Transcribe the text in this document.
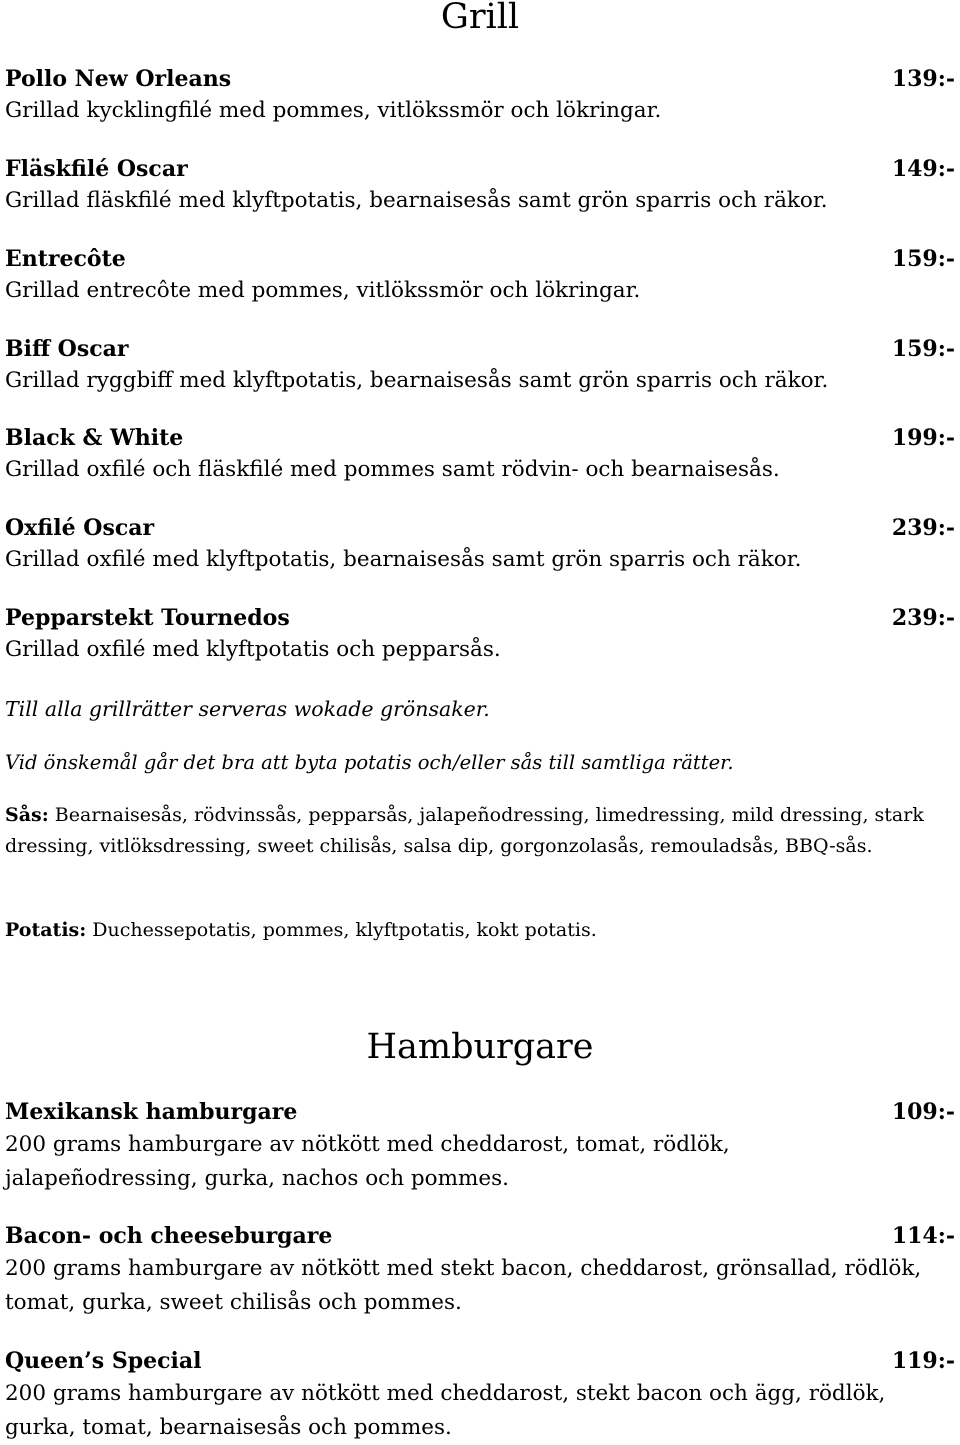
Grill
Pollo New Orleans	139:-
Grillad kycklingfilé med pommes, vitlökssmör och lökringar.
Fläskfilé Oscar	149:-
Grillad fläskfilé med klyftpotatis, bearnaisesås samt grön sparris och räkor.
Entrecôte	159:-
Grillad entrecôte med pommes, vitlökssmör och lökringar.
Biff Oscar	159:-
Grillad ryggbiff med klyftpotatis, bearnaisesås samt grön sparris och räkor.
Black & White	199:-
Grillad oxfilé och fläskfilé med pommes samt rödvin- och bearnaisesås.
Oxfilé Oscar	239:-
Grillad oxfilé med klyftpotatis, bearnaisesås samt grön sparris och räkor.
Pepparstekt Tournedos	239:-
Grillad oxfilé med klyftpotatis och pepparsås.
Till alla grillrätter serveras wokade grönsaker.
Vid önskemål går det bra att byta potatis och/eller sås till samtliga rätter.
Sås: Bearnaisesås, rödvinssås, pepparsås, jalapeñodressing, limedressing, mild dressing, stark dressing, vitlöksdressing, sweet chilisås, salsa dip, gorgonzolasås, remouladsås, BBQ-sås.
Potatis: Duchessepotatis, pommes, klyftpotatis, kokt potatis.
Hamburgare
Mexikansk hamburgare	109:-
200 grams hamburgare av nötkött med cheddarost, tomat, rödlök, jalapeñodressing, gurka, nachos och pommes.
Bacon- och cheeseburgare	114:-
200 grams hamburgare av nötkött med stekt bacon, cheddarost, grönsallad, rödlök, tomat, gurka, sweet chilisås och pommes.
Queen’s Special	119:-
200 grams hamburgare av nötkött med cheddarost, stekt bacon och ägg, rödlök, gurka, tomat, bearnaisesås och pommes.
